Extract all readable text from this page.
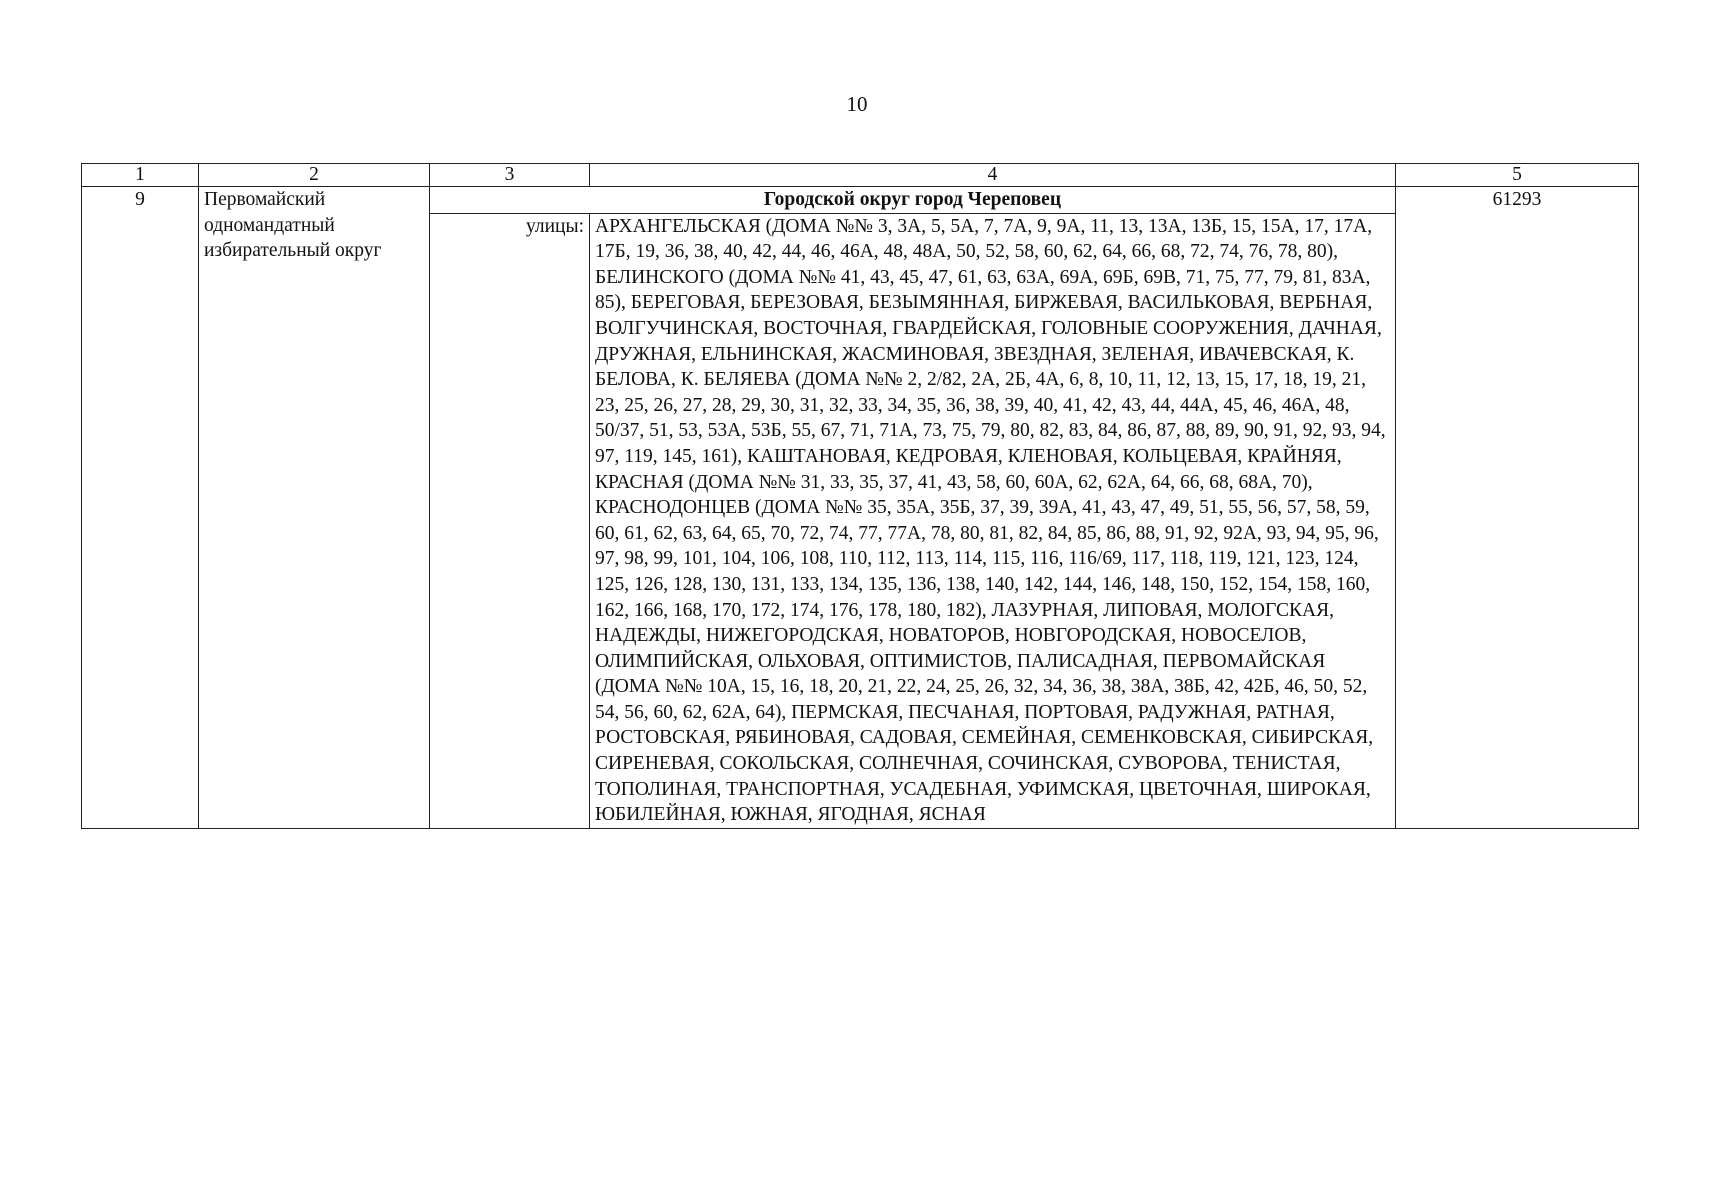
10
1	2	3	4	5
9	Первомайский одномандатный избирательный округ	Городской округ город Череповец		61293
		улицы:	АРХАНГЕЛЬСКАЯ (ДОМА №№ 3, 3А, 5, 5А, 7, 7А, 9, 9А, 11, 13, 13А, 13Б, 15, 15А, 17, 17А, 17Б, 19, 36, 38, 40, 42, 44, 46, 46А, 48, 48А, 50, 52, 58, 60, 62, 64, 66, 68, 72, 74, 76, 78, 80), БЕЛИНСКОГО (ДОМА №№ 41, 43, 45, 47, 61, 63, 63А, 69А, 69Б, 69В, 71, 75, 77, 79, 81, 83А, 85), БЕРЕГОВАЯ, БЕРЕЗОВАЯ, БЕЗЫМЯННАЯ, БИРЖЕВАЯ, ВАСИЛЬКОВАЯ, ВЕРБНАЯ, ВОЛГУЧИНСКАЯ, ВОСТОЧНАЯ, ГВАРДЕЙСКАЯ, ГОЛОВНЫЕ СООРУЖЕНИЯ, ДАЧНАЯ, ДРУЖНАЯ, ЕЛЬНИНСКАЯ, ЖАСМИНОВАЯ, ЗВЕЗДНАЯ, ЗЕЛЕНАЯ, ИВАЧЕВСКАЯ, К. БЕЛОВА, К. БЕЛЯЕВА (ДОМА №№ 2, 2/82, 2А, 2Б, 4А, 6, 8, 10, 11, 12, 13, 15, 17, 18, 19, 21, 23, 25, 26, 27, 28, 29, 30, 31, 32, 33, 34, 35, 36, 38, 39, 40, 41, 42, 43, 44, 44А, 45, 46, 46А, 48, 50/37, 51, 53, 53А, 53Б, 55, 67, 71, 71А, 73, 75, 79, 80, 82, 83, 84, 86, 87, 88, 89, 90, 91, 92, 93, 94, 97, 119, 145, 161), КАШТАНОВАЯ, КЕДРОВАЯ, КЛЕНОВАЯ, КОЛЬЦЕВАЯ, КРАЙНЯЯ, КРАСНАЯ (ДОМА №№ 31, 33, 35, 37, 41, 43, 58, 60, 60А, 62, 62А, 64, 66, 68, 68А, 70), КРАСНОДОНЦЕВ (ДОМА №№ 35, 35А, 35Б, 37, 39, 39А, 41, 43, 47, 49, 51, 55, 56, 57, 58, 59, 60, 61, 62, 63, 64, 65, 70, 72, 74, 77, 77А, 78, 80, 81, 82, 84, 85, 86, 88, 91, 92, 92А, 93, 94, 95, 96, 97, 98, 99, 101, 104, 106, 108, 110, 112, 113, 114, 115, 116, 116/69, 117, 118, 119, 121, 123, 124, 125, 126, 128, 130, 131, 133, 134, 135, 136, 138, 140, 142, 144, 146, 148, 150, 152, 154, 158, 160, 162, 166, 168, 170, 172, 174, 176, 178, 180, 182), ЛАЗУРНАЯ, ЛИПОВАЯ, МОЛОГСКАЯ, НАДЕЖДЫ, НИЖЕГОРОДСКАЯ, НОВАТОРОВ, НОВГОРОДСКАЯ, НОВОСЕЛОВ, ОЛИМПИЙСКАЯ, ОЛЬХОВАЯ, ОПТИМИСТОВ, ПАЛИСАДНАЯ, ПЕРВОМАЙСКАЯ (ДОМА №№ 10А, 15, 16, 18, 20, 21, 22, 24, 25, 26, 32, 34, 36, 38, 38А, 38Б, 42, 42Б, 46, 50, 52, 54, 56, 60, 62, 62А, 64), ПЕРМСКАЯ, ПЕСЧАНАЯ, ПОРТОВАЯ, РАДУЖНАЯ, РАТНАЯ, РОСТОВСКАЯ, РЯБИНОВАЯ, САДОВАЯ, СЕМЕЙНАЯ, СЕМЕНКОВСКАЯ, СИБИРСКАЯ, СИРЕНЕВАЯ, СОКОЛЬСКАЯ, СОЛНЕЧНАЯ, СОЧИНСКАЯ, СУВОРОВА, ТЕНИСТАЯ, ТОПОЛИНАЯ, ТРАНСПОРТНАЯ, УСАДЕБНАЯ, УФИМСКАЯ, ЦВЕТОЧНАЯ, ШИРОКАЯ, ЮБИЛЕЙНАЯ, ЮЖНАЯ, ЯГОДНАЯ, ЯСНАЯ	
